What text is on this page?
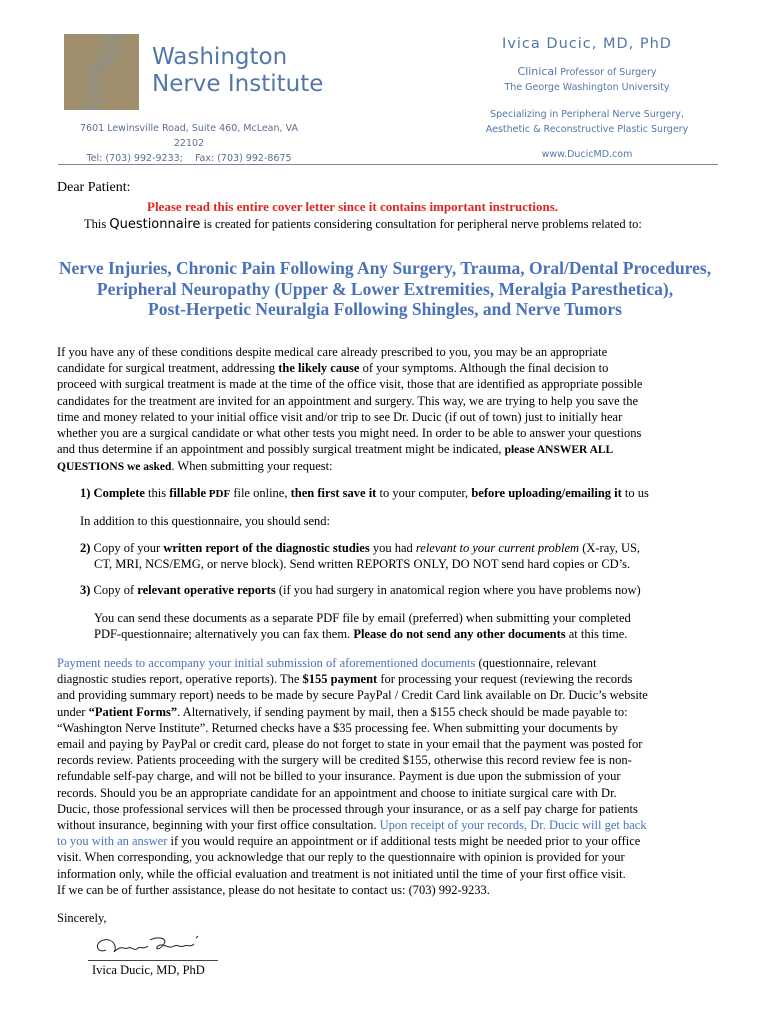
Washington
Nerve Institute
7601 Lewinsville Road, Suite 460, McLean, VA 22102
Tel: (703) 992-9233; Fax: (703) 992-8675
Ivica Ducic, MD, PhD
Clinical Professor of Surgery
The George Washington University
Specializing in Peripheral Nerve Surgery,
Aesthetic & Reconstructive Plastic Surgery
www.DucicMD.com
Dear Patient:
Please read this entire cover letter since it contains important instructions.
This Questionnaire is created for patients considering consultation for peripheral nerve problems related to:
Nerve Injuries, Chronic Pain Following Any Surgery, Trauma, Oral/Dental Procedures,
Peripheral Neuropathy (Upper & Lower Extremities, Meralgia Paresthetica),
Post-Herpetic Neuralgia Following Shingles, and Nerve Tumors
If you have any of these conditions despite medical care already prescribed to you, you may be an appropriate
candidate for surgical treatment, addressing the likely cause of your symptoms. Although the final decision to
proceed with surgical treatment is made at the time of the office visit, those that are identified as appropriate possible
candidates for the treatment are invited for an appointment and surgery. This way, we are trying to help you save the
time and money related to your initial office visit and/or trip to see Dr. Ducic (if out of town) just to initially hear
whether you are a surgical candidate or what other tests you might need. In order to be able to answer your questions
and thus determine if an appointment and possibly surgical treatment might be indicated, please ANSWER ALL
QUESTIONS we asked. When submitting your request:
1) Complete this fillable PDF file online, then first save it to your computer, before uploading/emailing it to us
In addition to this questionnaire, you should send:
2) Copy of your written report of the diagnostic studies you had relevant to your current problem (X-ray, US,
CT, MRI, NCS/EMG, or nerve block). Send written REPORTS ONLY, DO NOT send hard copies or CD’s.
3) Copy of relevant operative reports (if you had surgery in anatomical region where you have problems now)
You can send these documents as a separate PDF file by email (preferred) when submitting your completed
PDF-questionnaire; alternatively you can fax them. Please do not send any other documents at this time.
Payment needs to accompany your initial submission of aforementioned documents (questionnaire, relevant
diagnostic studies report, operative reports). The $155 payment for processing your request (reviewing the records
and providing summary report) needs to be made by secure PayPal / Credit Card link available on Dr. Ducic’s website
under “Patient Forms”. Alternatively, if sending payment by mail, then a $155 check should be made payable to:
“Washington Nerve Institute”. Returned checks have a $35 processing fee. When submitting your documents by
email and paying by PayPal or credit card, please do not forget to state in your email that the payment was posted for
records review. Patients proceeding with the surgery will be credited $155, otherwise this record review fee is non-
refundable self-pay charge, and will not be billed to your insurance. Payment is due upon the submission of your
records. Should you be an appropriate candidate for an appointment and choose to initiate surgical care with Dr.
Ducic, those professional services will then be processed through your insurance, or as a self pay charge for patients
without insurance, beginning with your first office consultation. Upon receipt of your records, Dr. Ducic will get back
to you with an answer if you would require an appointment or if additional tests might be needed prior to your office
visit. When corresponding, you acknowledge that our reply to the questionnaire with opinion is provided for your
information only, while the official evaluation and treatment is not initiated until the time of your first office visit.
If we can be of further assistance, please do not hesitate to contact us: (703) 992-9233.
Sincerely,
Ivica Ducic, MD, PhD
